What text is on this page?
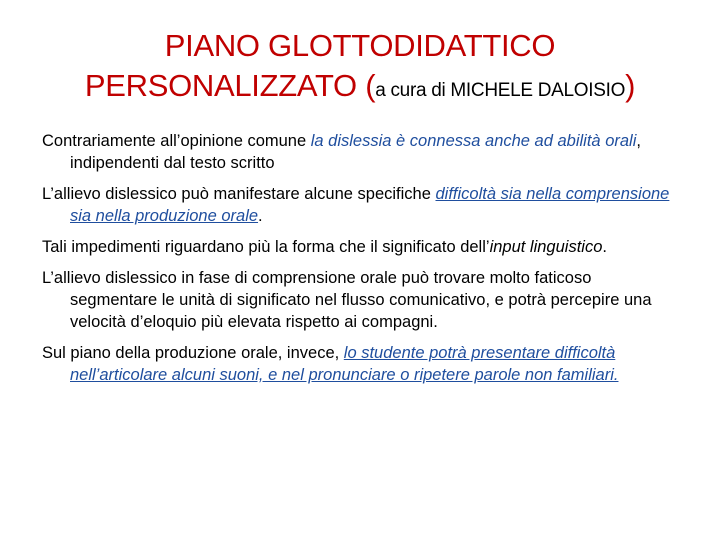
PIANO GLOTTODIDATTICO
PERSONALIZZATO (a cura di MICHELE DALOISIO)

Contrariamente all’opinione comune la dislessia è connessa anche ad abilità orali, indipendenti dal testo scritto

L’allievo dislessico può manifestare alcune specifiche difficoltà sia nella comprensione sia nella produzione orale.

Tali impedimenti riguardano più la forma che il significato dell’input linguistico.

L’allievo dislessico in fase di comprensione orale può trovare molto faticoso segmentare le unità di significato nel flusso comunicativo, e potrà percepire una velocità d’eloquio più elevata rispetto ai compagni.

Sul piano della produzione orale, invece, lo studente potrà presentare difficoltà nell’articolare alcuni suoni, e nel pronunciare o ripetere parole non familiari.
